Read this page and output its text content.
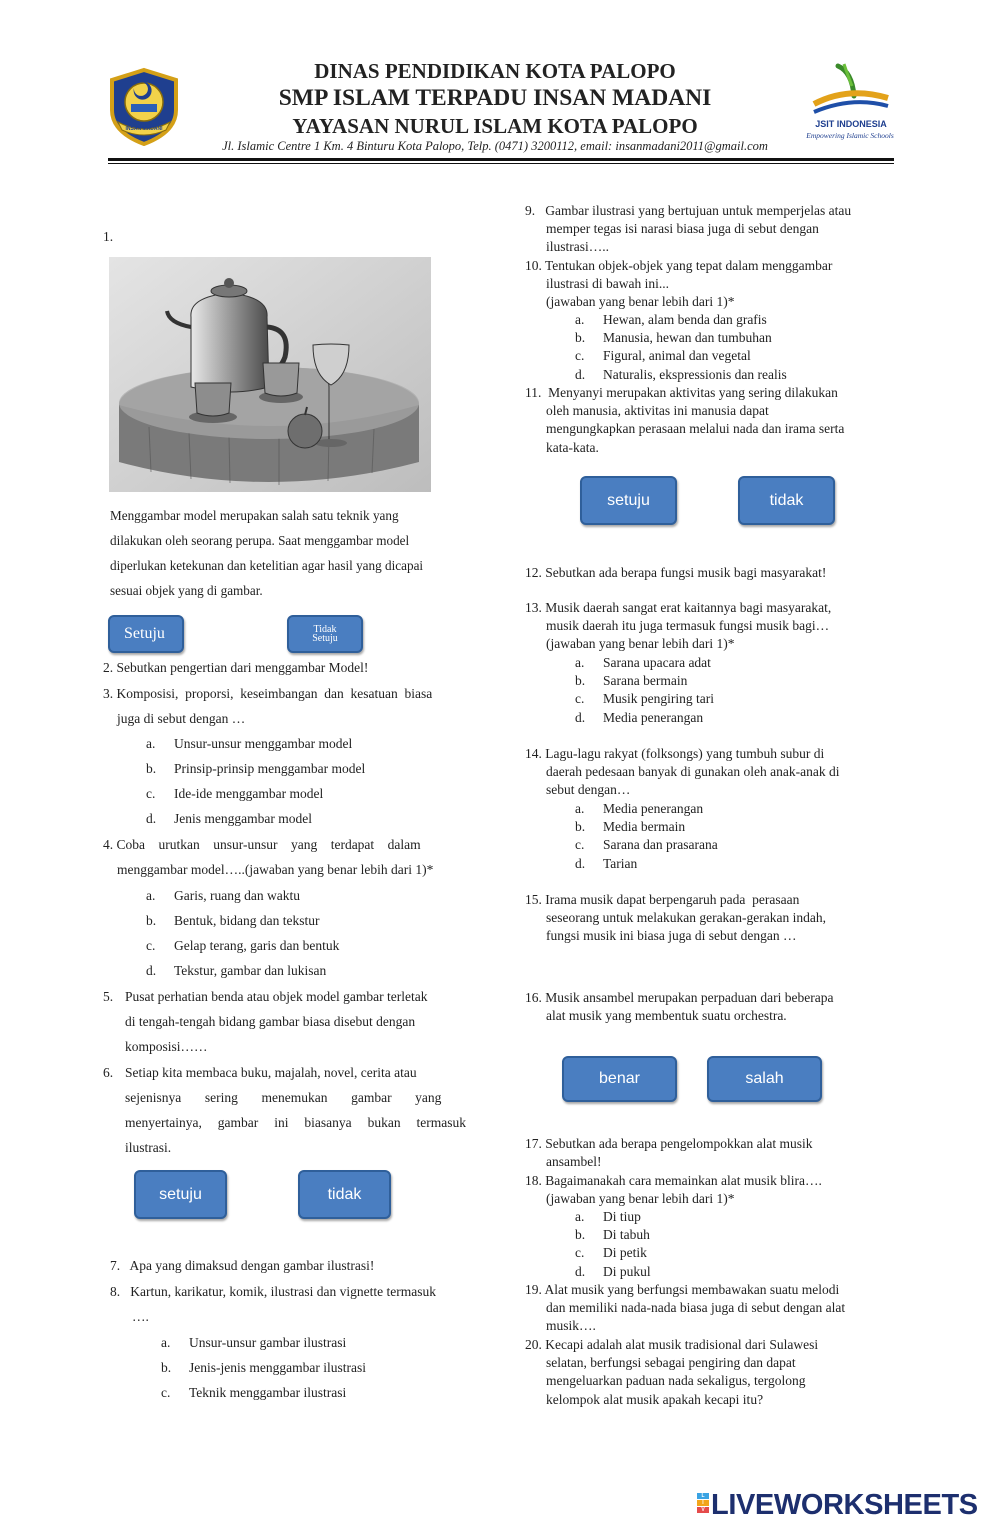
INSAN MADANI
DINAS PENDIDIKAN KOTA PALOPO
SMP ISLAM TERPADU INSAN MADANI
YAYASAN NURUL ISLAM KOTA PALOPO
Jl. Islamic Centre 1 Km. 4 Binturu Kota Palopo, Telp. (0471) 3200112, email: insanmadani2011@gmail.com
JSIT INDONESIA
Empowering Islamic Schools
1.
Menggambar model merupakan salah satu teknik yang
dilakukan oleh seorang perupa. Saat menggambar model
diperlukan ketekunan dan ketelitian agar hasil yang dicapai
sesuai objek yang di gambar.
Setuju	Tidak
Setuju
2. Sebutkan pengertian dari menggambar Model!
3. Komposisi,  proporsi,  keseimbangan  dan  kesatuan  biasa
juga di sebut dengan …
a. Unsur-unsur menggambar model
b. Prinsip-prinsip menggambar model
c. Ide-ide menggambar model
d. Jenis menggambar model
4. Coba    urutkan    unsur-unsur    yang    terdapat    dalam
menggambar model…..(jawaban yang benar lebih dari 1)*
a. Garis, ruang dan waktu
b. Bentuk, bidang dan tekstur
c. Gelap terang, garis dan bentuk
d. Tekstur, gambar dan lukisan
5. Pusat perhatian benda atau objek model gambar terletak
di tengah-tengah bidang gambar biasa disebut dengan
komposisi……
6. Setiap kita membaca buku, majalah, novel, cerita atau
sejenisnya       sering       menemukan       gambar       yang
menyertainya, gambar ini biasanya bukan termasuk
ilustrasi.
setuju	tidak
7.   Apa yang dimaksud dengan gambar ilustrasi!
8.   Kartun, karikatur, komik, ilustrasi dan vignette termasuk
….
a. Unsur-unsur gambar ilustrasi
b. Jenis-jenis menggambar ilustrasi
c. Teknik menggambar ilustrasi
9.   Gambar ilustrasi yang bertujuan untuk memperjelas atau
memper tegas isi narasi biasa juga di sebut dengan
ilustrasi…..
10. Tentukan objek-objek yang tepat dalam menggambar
ilustrasi di bawah ini...
(jawaban yang benar lebih dari 1)*
a. Hewan, alam benda dan grafis
b. Manusia, hewan dan tumbuhan
c. Figural, animal dan vegetal
d. Naturalis, ekspressionis dan realis
11.  Menyanyi merupakan aktivitas yang sering dilakukan
oleh manusia, aktivitas ini manusia dapat
mengungkapkan perasaan melalui nada dan irama serta
kata-kata.
setuju	tidak
12. Sebutkan ada berapa fungsi musik bagi masyarakat!
13. Musik daerah sangat erat kaitannya bagi masyarakat,
musik daerah itu juga termasuk fungsi musik bagi…
(jawaban yang benar lebih dari 1)*
a. Sarana upacara adat
b. Sarana bermain
c. Musik pengiring tari
d. Media penerangan
14. Lagu-lagu rakyat (folksongs) yang tumbuh subur di
daerah pedesaan banyak di gunakan oleh anak-anak di
sebut dengan…
a. Media penerangan
b. Media bermain
c. Sarana dan prasarana
d. Tarian
15. Irama musik dapat berpengaruh pada  perasaan
seseorang untuk melakukan gerakan-gerakan indah,
fungsi musik ini biasa juga di sebut dengan …
16. Musik ansambel merupakan perpaduan dari beberapa
alat musik yang membentuk suatu orchestra.
benar	salah
17. Sebutkan ada berapa pengelompokkan alat musik
ansambel!
18. Bagaimanakah cara memainkan alat musik blira….
(jawaban yang benar lebih dari 1)*
a. Di tiup
b. Di tabuh
c. Di petik
d. Di pukul
19. Alat musik yang berfungsi membawakan suatu melodi
dan memiliki nada-nada biasa juga di sebut dengan alat
musik….
20. Kecapi adalah alat musik tradisional dari Sulawesi
selatan, berfungsi sebagai pengiring dan dapat
mengeluarkan paduan nada sekaligus, tergolong
kelompok alat musik apakah kecapi itu?
L
I
V LIVEWORKSHEETS
